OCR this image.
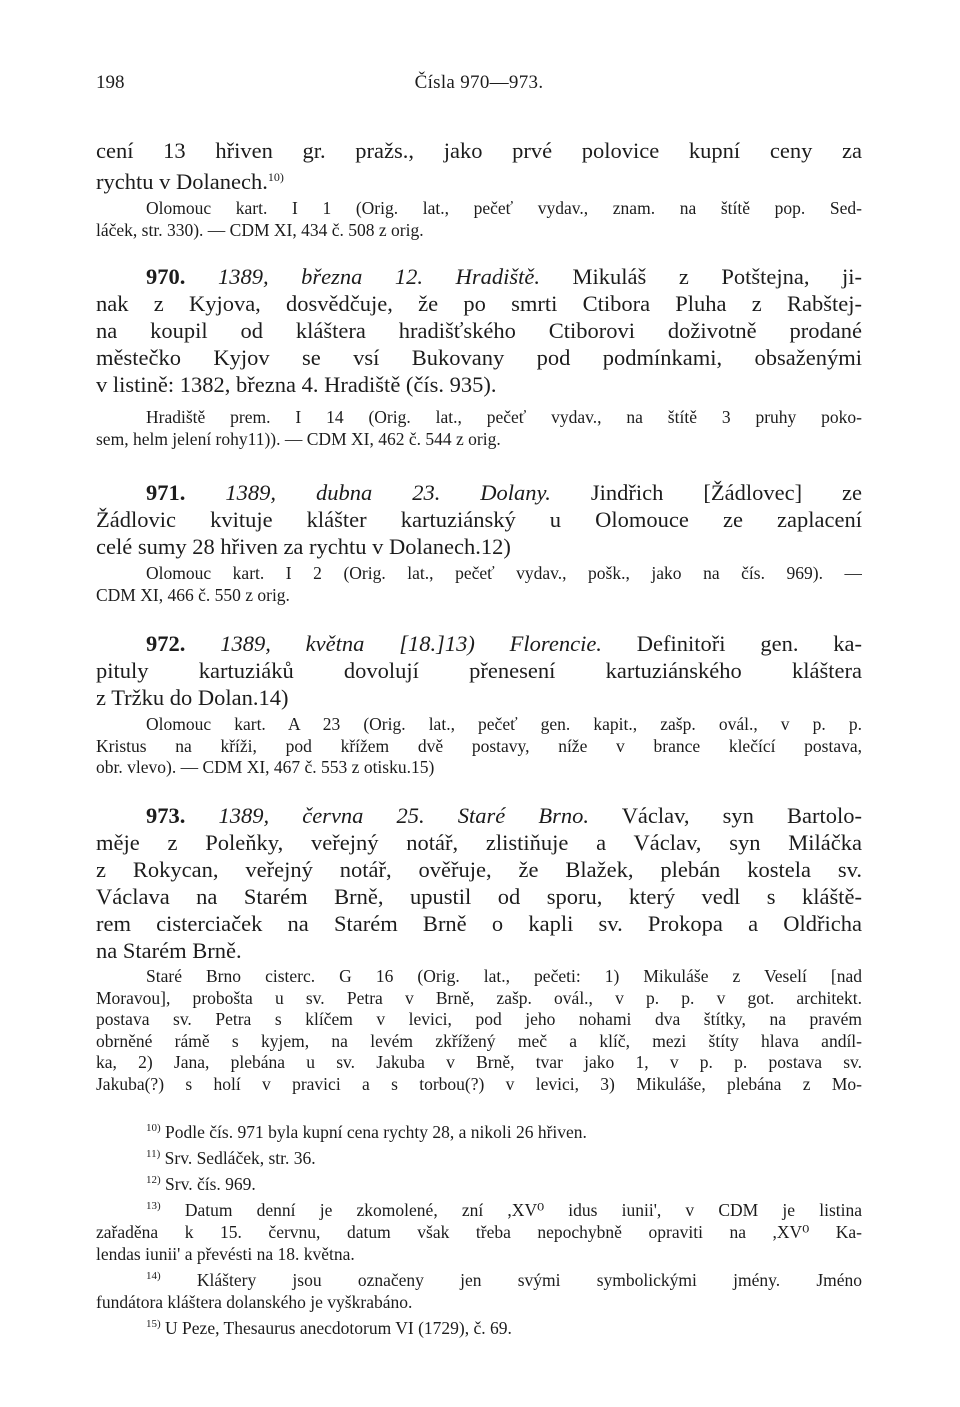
198	Čísla 970—973.
cení 13 hřiven gr. pražs., jako prvé polovice kupní ceny za
rychtu v Dolanech.$^{10)}$
Olomouc kart. I 1 (Orig. lat., pečeť vydav., znam. na štítě pop. Sed-
láček, str. 330). — CDM XI, 434 č. 508 z orig.
970. 1389, března 12. Hradiště. Mikuláš z Potštejna, ji-
nak z Kyjova, dosvědčuje, že po smrti Ctibora Pluha z Rabštej-
na koupil od kláštera hradišťského Ctiborovi doživotně prodané
městečko Kyjov se vsí Bukovany pod podmínkami, obsaženými
v listině: 1382, března 4. Hradiště (čís. 935).
Hradiště prem. I 14 (Orig. lat., pečeť vydav., na štítě 3 pruhy poko-
sem, helm jelení rohy11)). — CDM XI, 462 č. 544 z orig.
971. 1389, dubna 23. Dolany. Jindřich [Žádlovec] ze
Žádlovic kvituje klášter kartuziánský u Olomouce ze zaplacení
celé sumy 28 hřiven za rychtu v Dolanech.12)
Olomouc kart. I 2 (Orig. lat., pečeť vydav., pošk., jako na čís. 969). —
CDM XI, 466 č. 550 z orig.
972. 1389, května [18.]13) Florencie. Definitoři gen. ka-
pituly kartuziáků dovolují přenesení kartuziánského kláštera
z Tržku do Dolan.14)
Olomouc kart. A 23 (Orig. lat., pečeť gen. kapit., zašp. ovál., v p. p.
Kristus na kříži, pod křížem dvě postavy, níže v brance klečící postava,
obr. vlevo). — CDM XI, 467 č. 553 z otisku.15)
973. 1389, června 25. Staré Brno. Václav, syn Bartolo-
měje z Poleňky, veřejný notář, zlistiňuje a Václav, syn Miláčka
z Rokycan, veřejný notář, ověřuje, že Blažek, plebán kostela sv.
Václava na Starém Brně, upustil od sporu, který vedl s kláště-
rem cisterciaček na Starém Brně o kapli sv. Prokopa a Oldřicha
na Starém Brně.
Staré Brno cisterc. G 16 (Orig. lat., pečeti: 1) Mikuláše z Veselí [nad
Moravou], probošta u sv. Petra v Brně, zašp. ovál., v p. p. v got. architekt.
postava sv. Petra s klíčem v levici, pod jeho nohami dva štítky, na pravém
obrněné rámě s kyjem, na levém zkřížený meč a klíč, mezi štíty hlava andíl-
ka, 2) Jana, plebána u sv. Jakuba v Brně, tvar jako 1, v p. p. postava sv.
Jakuba(?) s holí v pravici a s torbou(?) v levici, 3) Mikuláše, plebána z Mo-
$^{10)}$ Podle čís. 971 byla kupní cena rychty 28, a nikoli 26 hřiven.
$^{11)}$ Srv. Sedláček, str. 36.
$^{12)}$ Srv. čís. 969.
$^{13)}$ Datum denní je zkomolené, zní ,XV⁰ idus iunii', v CDM je listina
zařaděna k 15. červnu, datum však třeba nepochybně opraviti na ,XV⁰ Ka-
lendas iunii' a převésti na 18. května.
$^{14)}$ Kláštery jsou označeny jen svými symbolickými jmény. Jméno
fundátora kláštera dolanského je vyškrabáno.
$^{15)}$ U Peze, Thesaurus anecdotorum VI (1729), č. 69.
